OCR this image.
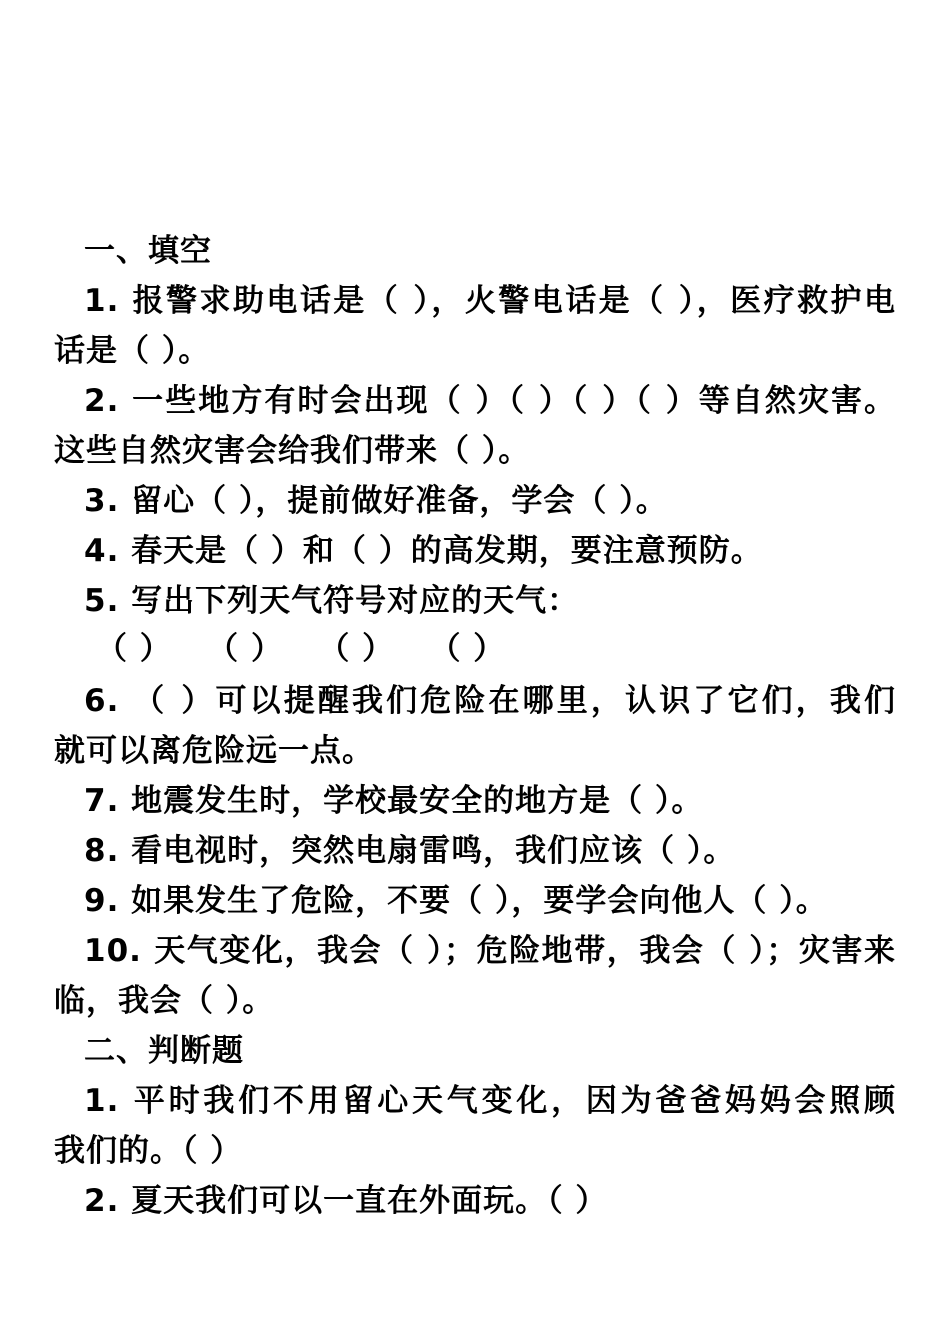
一、填空
1. 报警求助电话是（ ），火警电话是（ ），医疗救护电
话是（ ）。
2. 一些地方有时会出现（ ）（ ）（ ）（ ）等自然灾害。
这些自然灾害会给我们带来（ ）。
3. 留心（ ），提前做好准备，学会（ ）。
4. 春天是（ ）和（ ）的高发期，要注意预防。
5. 写出下列天气符号对应的天气：
（ ）   （ ）   （ ）   （ ）
6. （ ）可以提醒我们危险在哪里，认识了它们，我们
就可以离危险远一点。
7. 地震发生时，学校最安全的地方是（ ）。
8. 看电视时，突然电扇雷鸣，我们应该（ ）。
9. 如果发生了危险，不要（ ），要学会向他人（ ）。
10. 天气变化，我会（ ）；危险地带，我会（ ）；灾害来
临，我会（ ）。
二、判断题
1. 平时我们不用留心天气变化，因为爸爸妈妈会照顾
我们的。（ ）
2. 夏天我们可以一直在外面玩。（ ）
